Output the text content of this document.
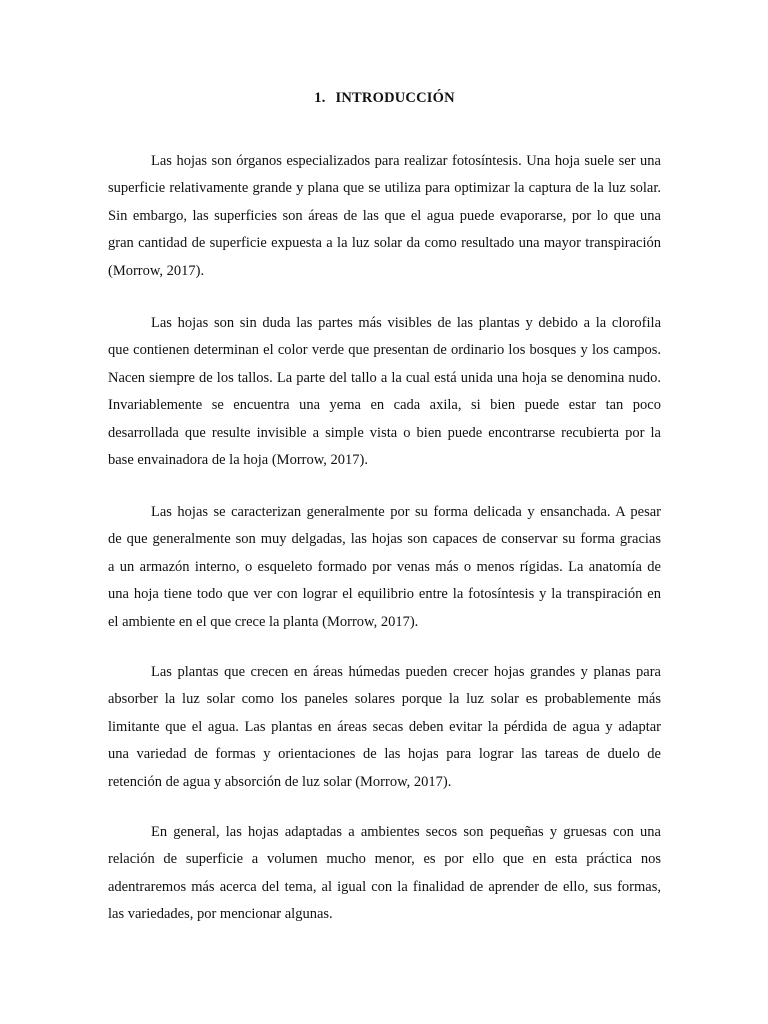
1. INTRODUCCIÓN

Las hojas son órganos especializados para realizar fotosíntesis. Una hoja suele ser una
superficie relativamente grande y plana que se utiliza para optimizar la captura de la luz solar.
Sin embargo, las superficies son áreas de las que el agua puede evaporarse, por lo que una
gran cantidad de superficie expuesta a la luz solar da como resultado una mayor transpiración
(Morrow, 2017).

Las hojas son sin duda las partes más visibles de las plantas y debido a la clorofila
que contienen determinan el color verde que presentan de ordinario los bosques y los campos.
Nacen siempre de los tallos. La parte del tallo a la cual está unida una hoja se denomina nudo.
Invariablemente se encuentra una yema en cada axila, si bien puede estar tan poco
desarrollada que resulte invisible a simple vista o bien puede encontrarse recubierta por la
base envainadora de la hoja (Morrow, 2017).

Las hojas se caracterizan generalmente por su forma delicada y ensanchada. A pesar
de que generalmente son muy delgadas, las hojas son capaces de conservar su forma gracias
a un armazón interno, o esqueleto formado por venas más o menos rígidas. La anatomía de
una hoja tiene todo que ver con lograr el equilibrio entre la fotosíntesis y la transpiración en
el ambiente en el que crece la planta (Morrow, 2017).

Las plantas que crecen en áreas húmedas pueden crecer hojas grandes y planas para
absorber la luz solar como los paneles solares porque la luz solar es probablemente más
limitante que el agua. Las plantas en áreas secas deben evitar la pérdida de agua y adaptar
una variedad de formas y orientaciones de las hojas para lograr las tareas de duelo de
retención de agua y absorción de luz solar (Morrow, 2017).

En general, las hojas adaptadas a ambientes secos son pequeñas y gruesas con una
relación de superficie a volumen mucho menor, es por ello que en esta práctica nos
adentraremos más acerca del tema, al igual con la finalidad de aprender de ello, sus formas,
las variedades, por mencionar algunas.
